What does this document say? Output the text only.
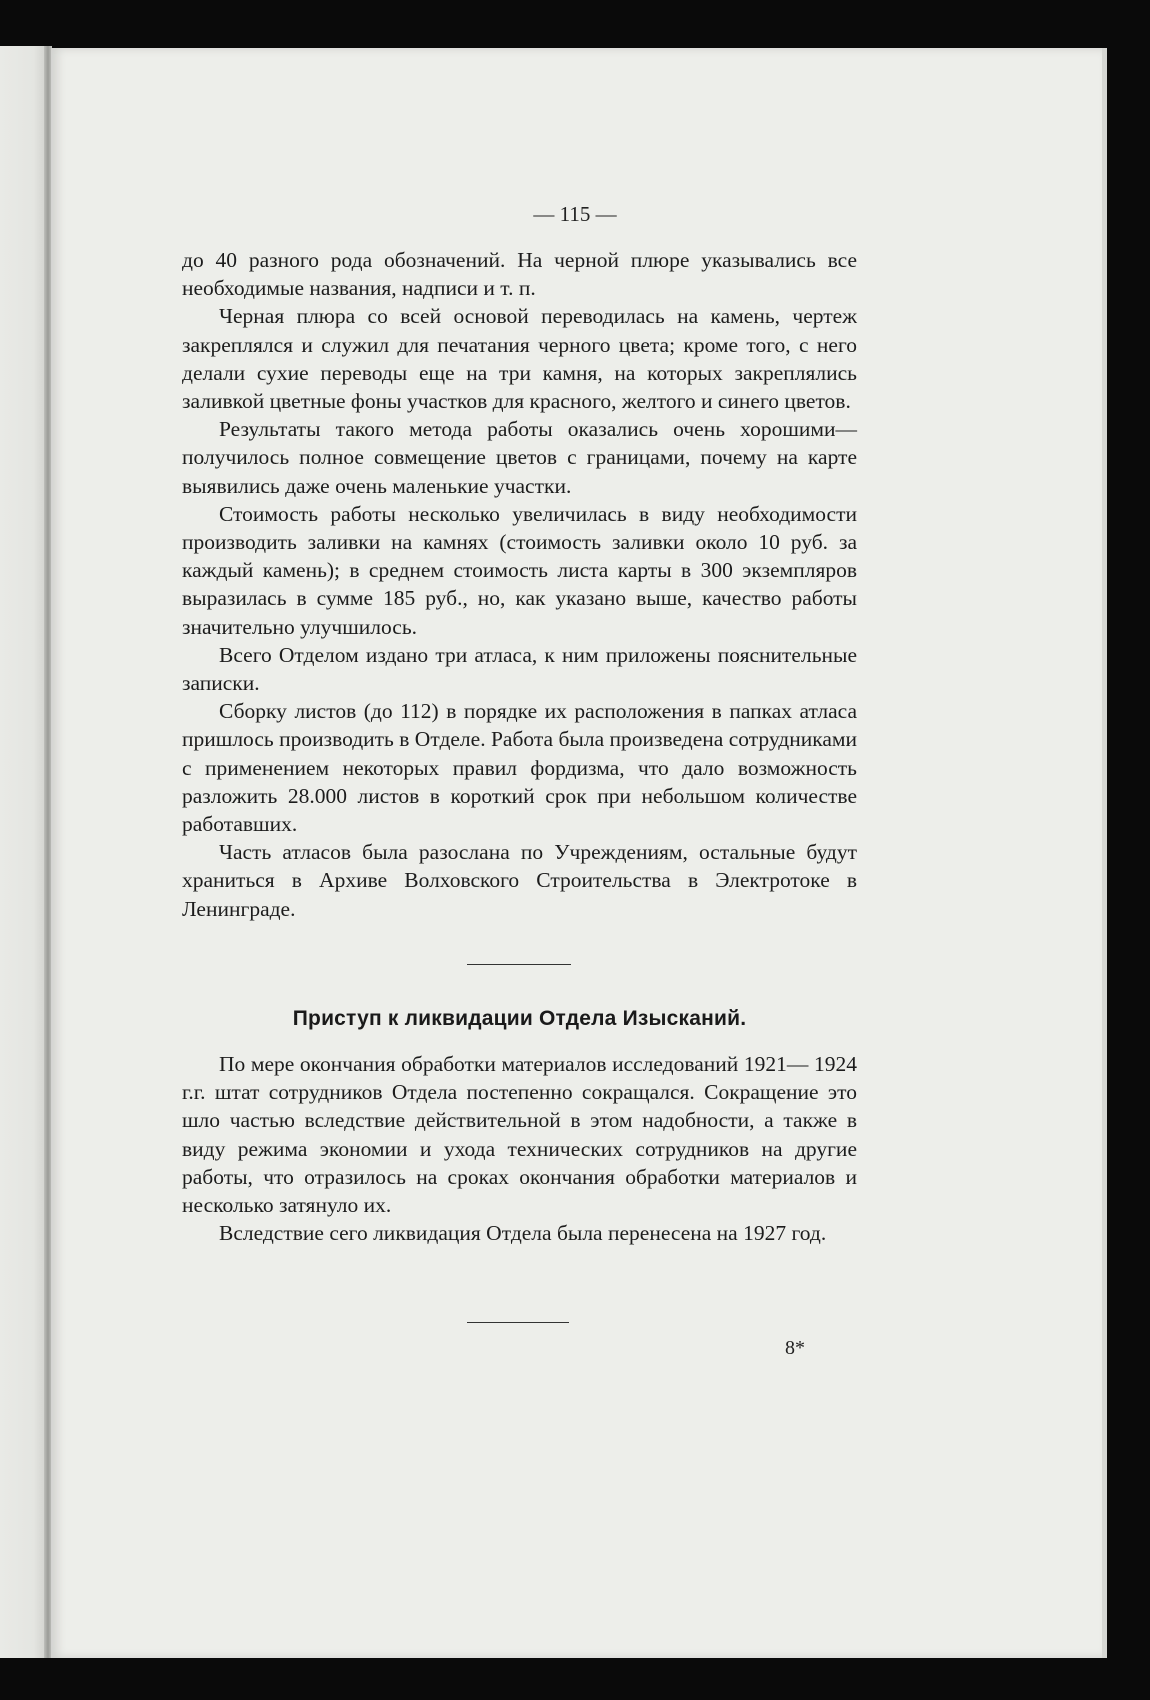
— 115 —

до 40 разного рода обозначений. На черной плюре указывались все необходимые названия, надписи и т. п.

Черная плюра со всей основой переводилась на камень, чертеж закреплялся и служил для печатания черного цвета; кроме того, с него делали сухие переводы еще на три камня, на которых закреплялись заливкой цветные фоны участков для красного, желтого и синего цветов.

Результаты такого метода работы оказались очень хорошими— получилось полное совмещение цветов с границами, почему на карте выявились даже очень маленькие участки.

Стоимость работы несколько увеличилась в виду необходимости производить заливки на камнях (стоимость заливки около 10 руб. за каждый камень); в среднем стоимость листа карты в 300 экземпляров выразилась в сумме 185 руб., но, как указано выше, качество работы значительно улучшилось.

Всего Отделом издано три атласа, к ним приложены пояснительные записки.

Сборку листов (до 112) в порядке их расположения в папках атласа пришлось производить в Отделе. Работа была произведена сотрудниками с применением некоторых правил фордизма, что дало возможность разложить 28.000 листов в короткий срок при небольшом количестве работавших.

Часть атласов была разослана по Учреждениям, остальные будут храниться в Архиве Волховского Строительства в Электротоке в Ленинграде.

Приступ к ликвидации Отдела Изысканий.

По мере окончания обработки материалов исследований 1921— 1924 г.г. штат сотрудников Отдела постепенно сокращался. Сокращение это шло частью вследствие действительной в этом надобности, а также в виду режима экономии и ухода технических сотрудников на другие работы, что отразилось на сроках окончания обработки материалов и несколько затянуло их.

Вследствие сего ликвидация Отдела была перенесена на 1927 год.

8*
